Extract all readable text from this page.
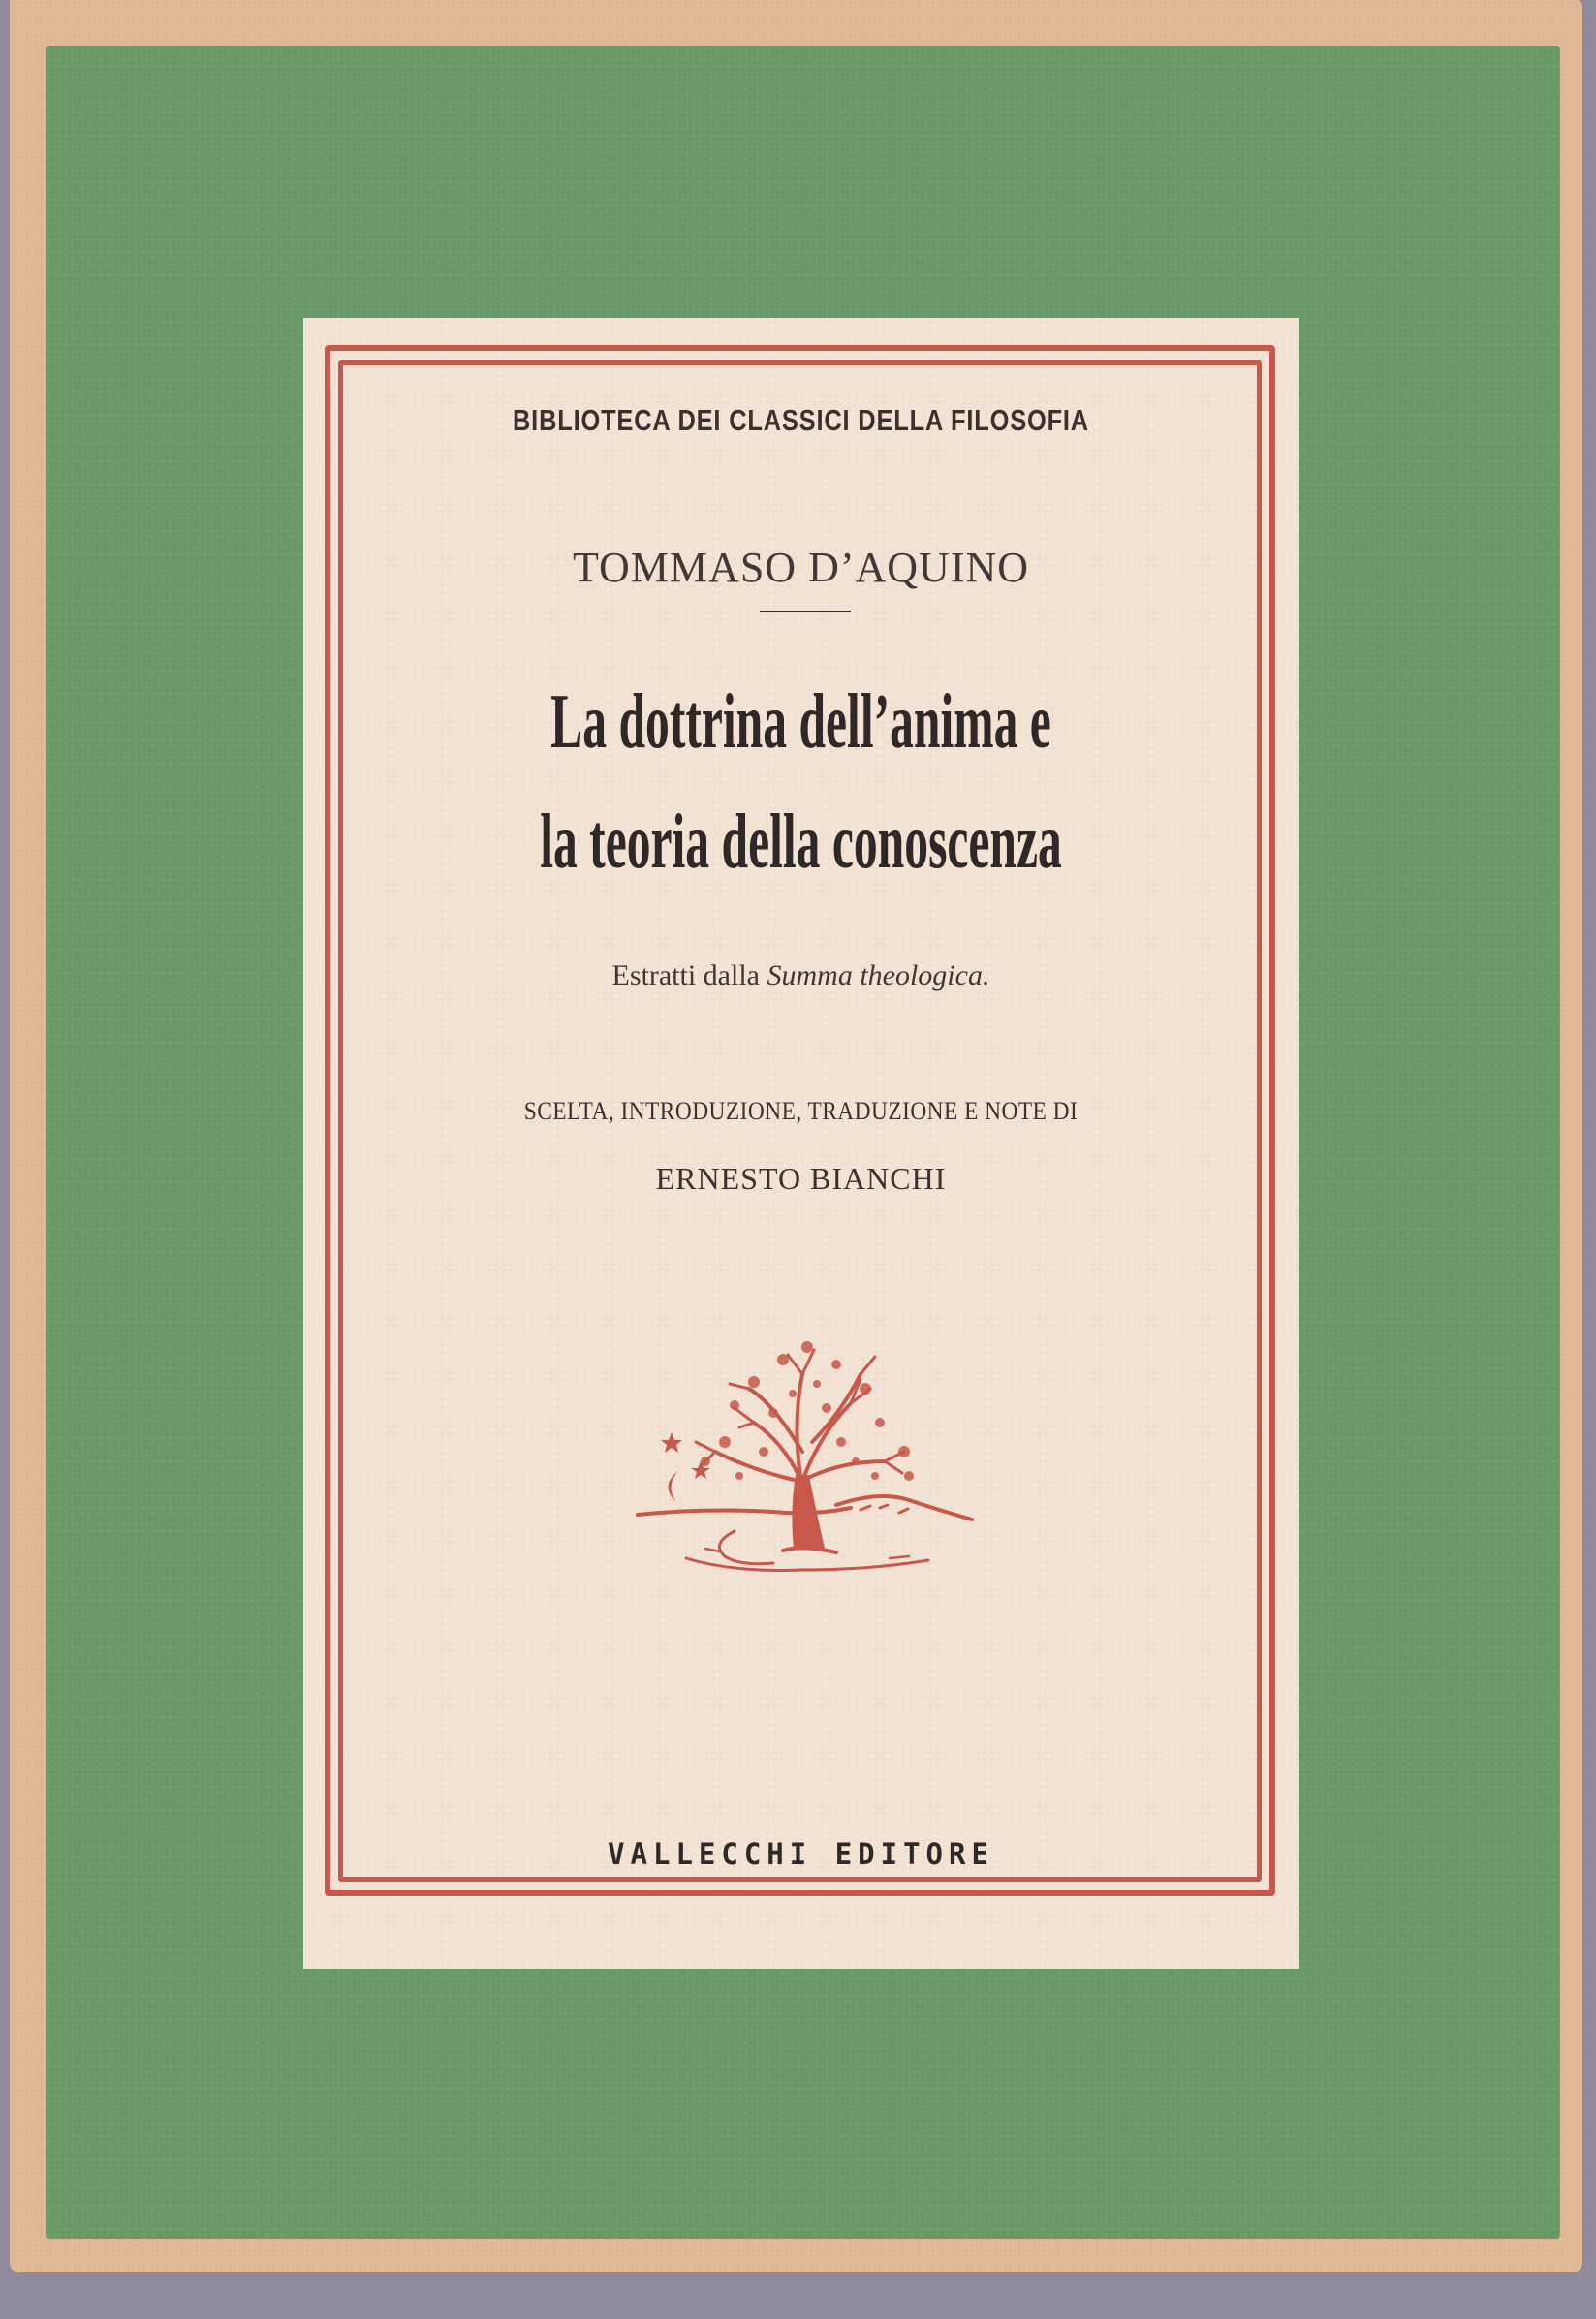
BIBLIOTECA DEI CLASSICI DELLA FILOSOFIA
TOMMASO D’AQUINO
La dottrina dell’anima e
la teoria della conoscenza
Estratti dalla Summa theologica.
SCELTA, INTRODUZIONE, TRADUZIONE E NOTE DI
ERNESTO BIANCHI
VALLECCHI EDITORE
